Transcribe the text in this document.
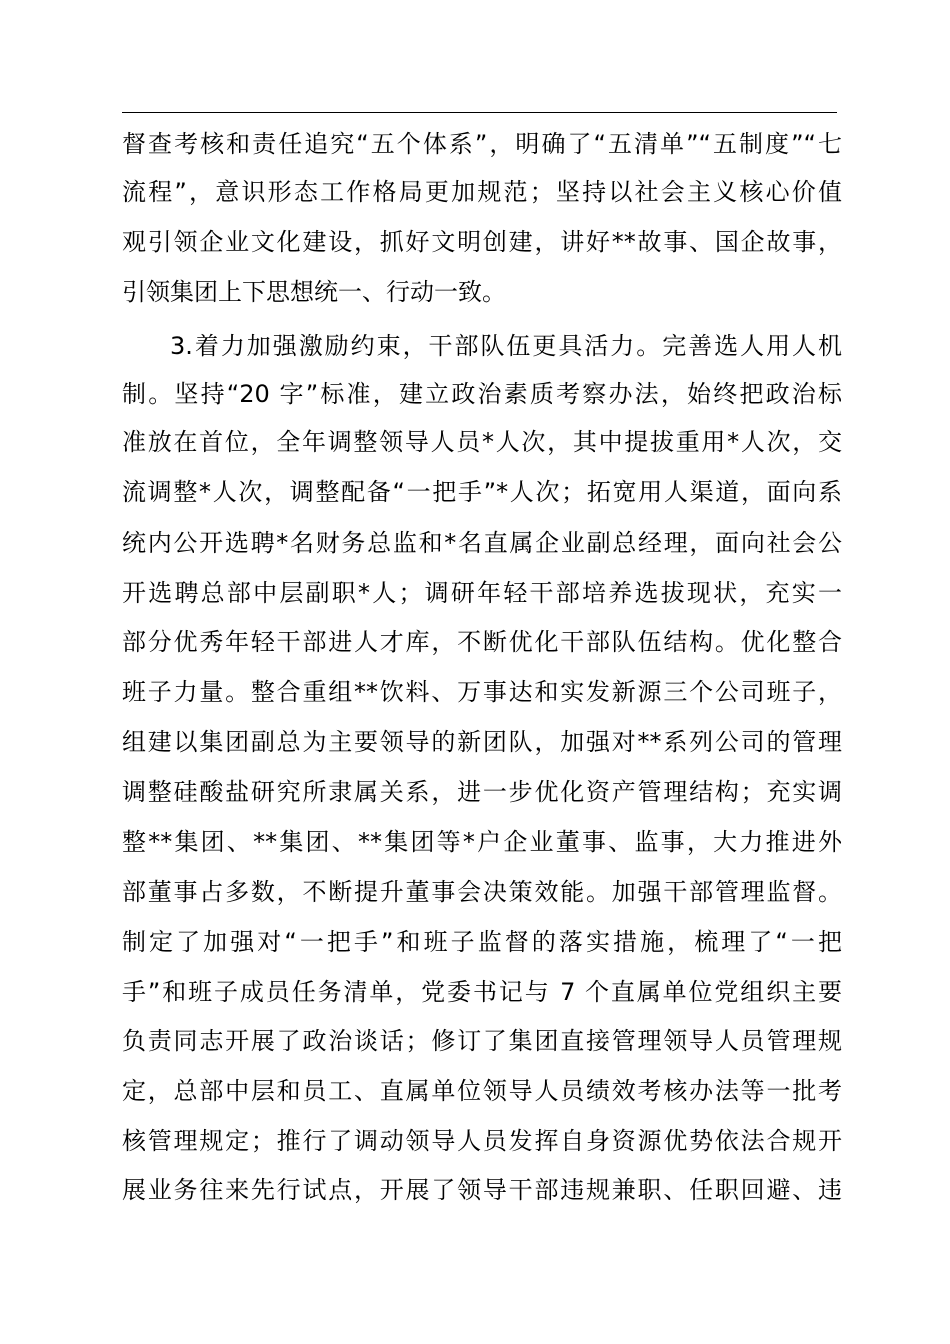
督查考核和责任追究“五个体系”，明确了“五清单”“五制度”“七
流程”，意识形态工作格局更加规范；坚持以社会主义核心价值
观引领企业文化建设，抓好文明创建，讲好**故事、国企故事，
引领集团上下思想统一、行动一致。
3.着力加强激励约束，干部队伍更具活力。完善选人用人机
制。坚持“20 字”标准，建立政治素质考察办法，始终把政治标
准放在首位，全年调整领导人员*人次，其中提拔重用*人次，交
流调整*人次，调整配备“一把手”*人次；拓宽用人渠道，面向系
统内公开选聘*名财务总监和*名直属企业副总经理，面向社会公
开选聘总部中层副职*人；调研年轻干部培养选拔现状，充实一
部分优秀年轻干部进人才库，不断优化干部队伍结构。优化整合
班子力量。整合重组**饮料、万事达和实发新源三个公司班子，
组建以集团副总为主要领导的新团队，加强对**系列公司的管理
调整硅酸盐研究所隶属关系，进一步优化资产管理结构；充实调
整**集团、**集团、**集团等*户企业董事、监事，大力推进外
部董事占多数，不断提升董事会决策效能。加强干部管理监督。
制定了加强对“一把手”和班子监督的落实措施，梳理了“一把
手”和班子成员任务清单，党委书记与 7 个直属单位党组织主要
负责同志开展了政治谈话；修订了集团直接管理领导人员管理规
定，总部中层和员工、直属单位领导人员绩效考核办法等一批考
核管理规定；推行了调动领导人员发挥自身资源优势依法合规开
展业务往来先行试点，开展了领导干部违规兼职、任职回避、违
